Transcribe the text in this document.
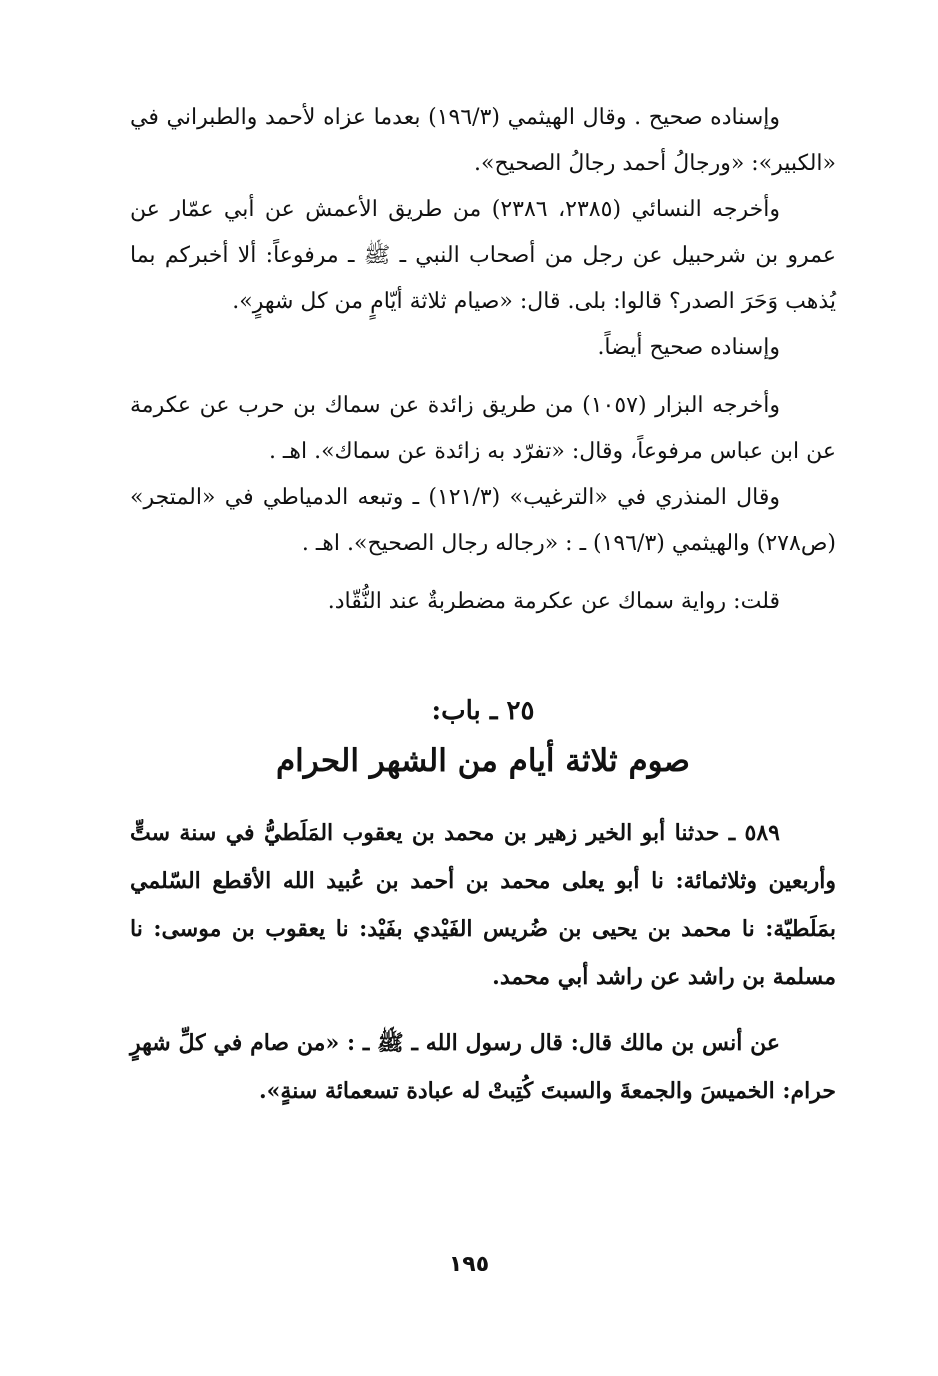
وإسناده صحيح . وقال الهيثمي (١٩٦/٣) بعدما عزاه لأحمد والطبراني في «الكبير»: «ورجالُ أحمد رجالُ الصحيح».

وأخرجه النسائي (٢٣٨٥، ٢٣٨٦) من طريق الأعمش عن أبي عمّار عن عمرو بن شرحبيل عن رجل من أصحاب النبي ـ ﷺ ـ مرفوعاً: ألا أخبركم بما يُذهب وَحَرَ الصدر؟ قالوا: بلى. قال: «صيام ثلاثة أيّامٍ من كل شهرٍ».

وإسناده صحيح أيضاً.

وأخرجه البزار (١٠٥٧) من طريق زائدة عن سماك بن حرب عن عكرمة عن ابن عباس مرفوعاً، وقال: «تفرّد به زائدة عن سماك». اهـ .

وقال المنذري في «الترغيب» (١٢١/٣) ـ وتبعه الدمياطي في «المتجر» (ص٢٧٨) والهيثمي (١٩٦/٣) ـ : «رجاله رجال الصحيح». اهـ .

قلت: رواية سماك عن عكرمة مضطربةٌ عند النُّقّاد.

٢٥ ـ باب:
صوم ثلاثة أيام من الشهر الحرام

٥٨٩ ـ حدثنا أبو الخير زهير بن محمد بن يعقوب المَلَطيُّ في سنة ستٍّ وأربعين وثلاثمائة: نا أبو يعلى محمد بن أحمد بن عُبيد الله الأقطع السّلمي بمَلَطيّة: نا محمد بن يحيى بن ضُريس الفَيْدي بفَيْد: نا يعقوب بن موسى: نا مسلمة بن راشد عن راشد أبي محمد.

عن أنس بن مالك قال: قال رسول الله ـ ﷺ ـ : «من صام في كلِّ شهرٍ حرام: الخميسَ والجمعةَ والسبتَ كُتِبتْ له عبادة تسعمائة سنةٍ».

١٩٥
